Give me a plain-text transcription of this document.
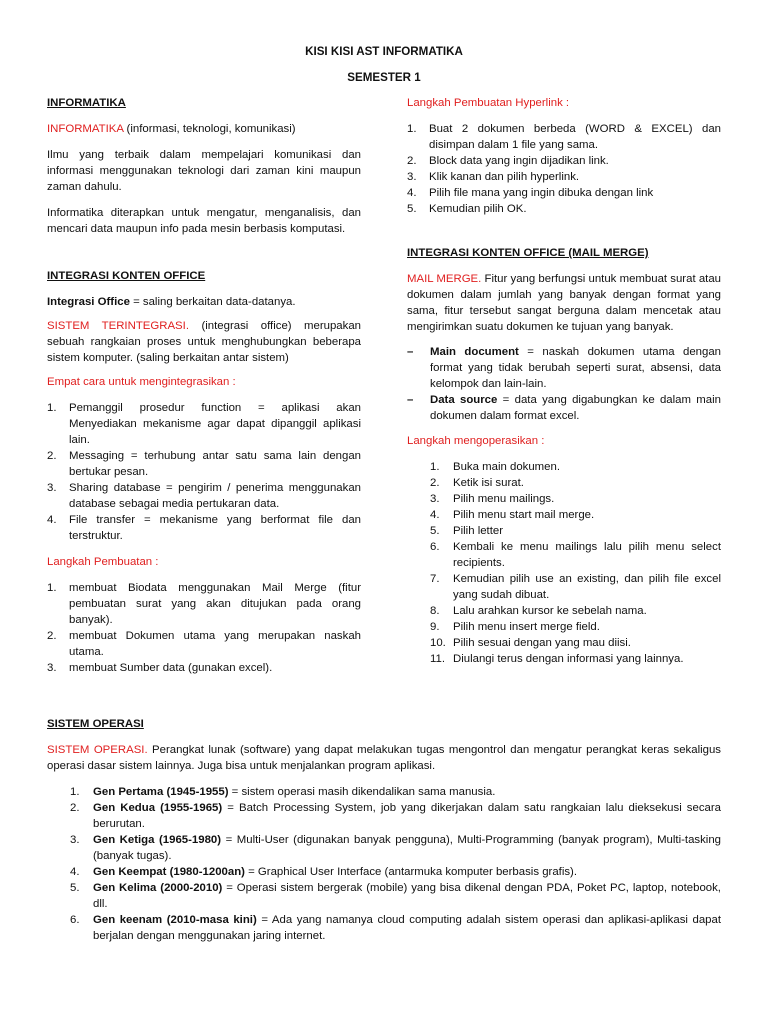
KISI KISI AST INFORMATIKA
SEMESTER 1

INFORMATIKA

INFORMATIKA (informasi, teknologi, komunikasi)

Ilmu yang terbaik dalam mempelajari komunikasi dan informasi menggunakan teknologi dari zaman kini maupun zaman dahulu.

Informatika diterapkan untuk mengatur, menganalisis, dan mencari data maupun info pada mesin berbasis komputasi.

INTEGRASI KONTEN OFFICE

Integrasi Office = saling berkaitan data-datanya.

SISTEM TERINTEGRASI. (integrasi office) merupakan sebuah rangkaian proses untuk menghubungkan beberapa sistem komputer. (saling berkaitan antar sistem)

Empat cara untuk mengintegrasikan :

1. Pemanggil prosedur function = aplikasi akan Menyediakan mekanisme agar dapat dipanggil aplikasi lain.
2. Messaging = terhubung antar satu sama lain dengan bertukar pesan.
3. Sharing database = pengirim / penerima menggunakan database sebagai media pertukaran data.
4. File transfer = mekanisme yang berformat file dan terstruktur.

Langkah Pembuatan :

1. membuat Biodata menggunakan Mail Merge (fitur pembuatan surat yang akan ditujukan pada orang banyak).
2. membuat Dokumen utama yang merupakan naskah utama.
3. membuat Sumber data (gunakan excel).

Langkah Pembuatan Hyperlink :

1. Buat 2 dokumen berbeda (WORD & EXCEL) dan disimpan dalam 1 file yang sama.
2. Block data yang ingin dijadikan link.
3. Klik kanan dan pilih hyperlink.
4. Pilih file mana yang ingin dibuka dengan link
5. Kemudian pilih OK.

INTEGRASI KONTEN OFFICE (MAIL MERGE)

MAIL MERGE. Fitur yang berfungsi untuk membuat surat atau dokumen dalam jumlah yang banyak dengan format yang sama, fitur tersebut sangat berguna dalam mencetak atau mengirimkan suatu dokumen ke tujuan yang banyak.

– Main document = naskah dokumen utama dengan format yang tidak berubah seperti surat, absensi, data kelompok dan lain-lain.
– Data source = data yang digabungkan ke dalam main dokumen dalam format excel.

Langkah mengoperasikan :

1. Buka main dokumen.
2. Ketik isi surat.
3. Pilih menu mailings.
4. Pilih menu start mail merge.
5. Pilih letter
6. Kembali ke menu mailings lalu pilih menu select recipients.
7. Kemudian pilih use an existing, dan pilih file excel yang sudah dibuat.
8. Lalu arahkan kursor ke sebelah nama.
9. Pilih menu insert merge field.
10. Pilih sesuai dengan yang mau diisi.
11. Diulangi terus dengan informasi yang lainnya.

SISTEM OPERASI

SISTEM OPERASI. Perangkat lunak (software) yang dapat melakukan tugas mengontrol dan mengatur perangkat keras sekaligus operasi dasar sistem lainnya. Juga bisa untuk menjalankan program aplikasi.

1. Gen Pertama (1945-1955) = sistem operasi masih dikendalikan sama manusia.
2. Gen Kedua (1955-1965) = Batch Processing System, job yang dikerjakan dalam satu rangkaian lalu dieksekusi secara berurutan.
3. Gen Ketiga (1965-1980) = Multi-User (digunakan banyak pengguna), Multi-Programming (banyak program), Multi-tasking (banyak tugas).
4. Gen Keempat (1980-1200an) = Graphical User Interface (antarmuka komputer berbasis grafis).
5. Gen Kelima (2000-2010) = Operasi sistem bergerak (mobile) yang bisa dikenal dengan PDA, Poket PC, laptop, notebook, dll.
6. Gen keenam (2010-masa kini) = Ada yang namanya cloud computing adalah sistem operasi dan aplikasi-aplikasi dapat berjalan dengan menggunakan jaring internet.
